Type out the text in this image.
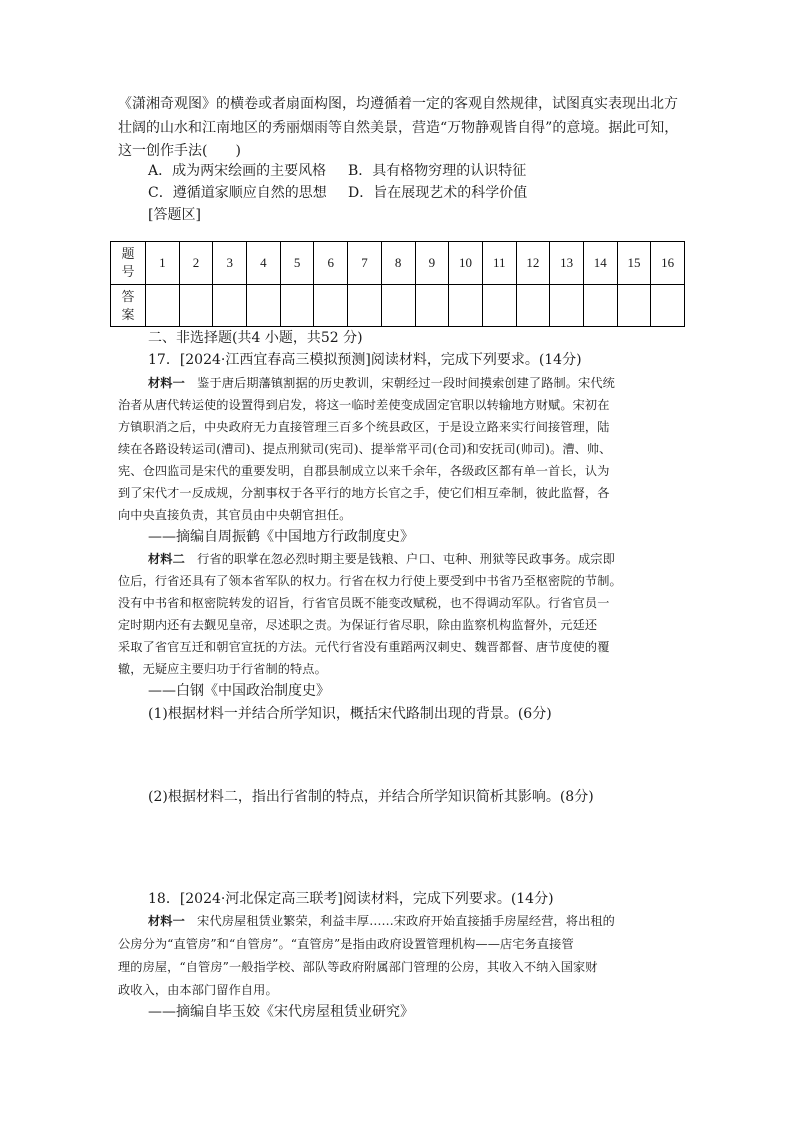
《潇湘奇观图》的横卷或者扇面构图，均遵循着一定的客观自然规律，试图真实表现出北方
壮阔的山水和江南地区的秀丽烟雨等自然美景，营造“万物静观皆自得”的意境。据此可知，
这一创作手法(　　)
A．成为两宋绘画的主要风格 B．具有格物穷理的认识特征
C．遵循道家顺应自然的思想 D．旨在展现艺术的科学价值
[答题区]
题
号	1	2	3	4	5	6	7	8	9	10	11	12	13	14	15	16

答
案																

二、非选择题(共4 小题，共52 分)
17．[2024·江西宜春高三模拟预测]阅读材料，完成下列要求。(14分)
材料一　 鉴于唐后期藩镇割据的历史教训，宋朝经过一段时间摸索创建了路制。宋代统
治者从唐代转运使的设置得到启发，将这一临时差使变成固定官职以转输地方财赋。宋初在
方镇职消之后，中央政府无力直接管理三百多个统县政区，于是设立路来实行间接管理，陆
续在各路设转运司(漕司)、提点刑狱司(宪司)、提举常平司(仓司)和安抚司(帅司)。漕、帅、
宪、仓四监司是宋代的重要发明，自郡县制成立以来千余年，各级政区都有单一首长，认为
到了宋代才一反成规，分割事权于各平行的地方长官之手，使它们相互牵制，彼此监督，各
向中央直接负责，其官员由中央朝官担任。
——摘编自周振鹤《中国地方行政制度史》
材料二　 行省的职掌在忽必烈时期主要是钱粮、户口、屯种、刑狱等民政事务。成宗即
位后，行省还具有了领本省军队的权力。行省在权力行使上要受到中书省乃至枢密院的节制。
没有中书省和枢密院转发的诏旨，行省官员既不能变改赋税，也不得调动军队。行省官员一
定时期内还有去觐见皇帝，尽述职之责。为保证行省尽职，除由监察机构监督外，元廷还
采取了省官互迁和朝官宣抚的方法。元代行省没有重蹈两汉刺史、魏晋都督、唐节度使的覆
辙，无疑应主要归功于行省制的特点。
——白钢《中国政治制度史》
(1)根据材料一并结合所学知识，概括宋代路制出现的背景。(6分)
(2)根据材料二，指出行省制的特点，并结合所学知识简析其影响。(8分)
18．[2024·河北保定高三联考]阅读材料，完成下列要求。(14分)
材料一　 宋代房屋租赁业繁荣，利益丰厚……宋政府开始直接插手房屋经营，将出租的
公房分为“直管房”和“自管房”。“直管房”是指由政府设置管理机构——店宅务直接管
理的房屋，“自管房”一般指学校、部队等政府附属部门管理的公房，其收入不纳入国家财
政收入，由本部门留作自用。
——摘编自毕玉姣《宋代房屋租赁业研究》
